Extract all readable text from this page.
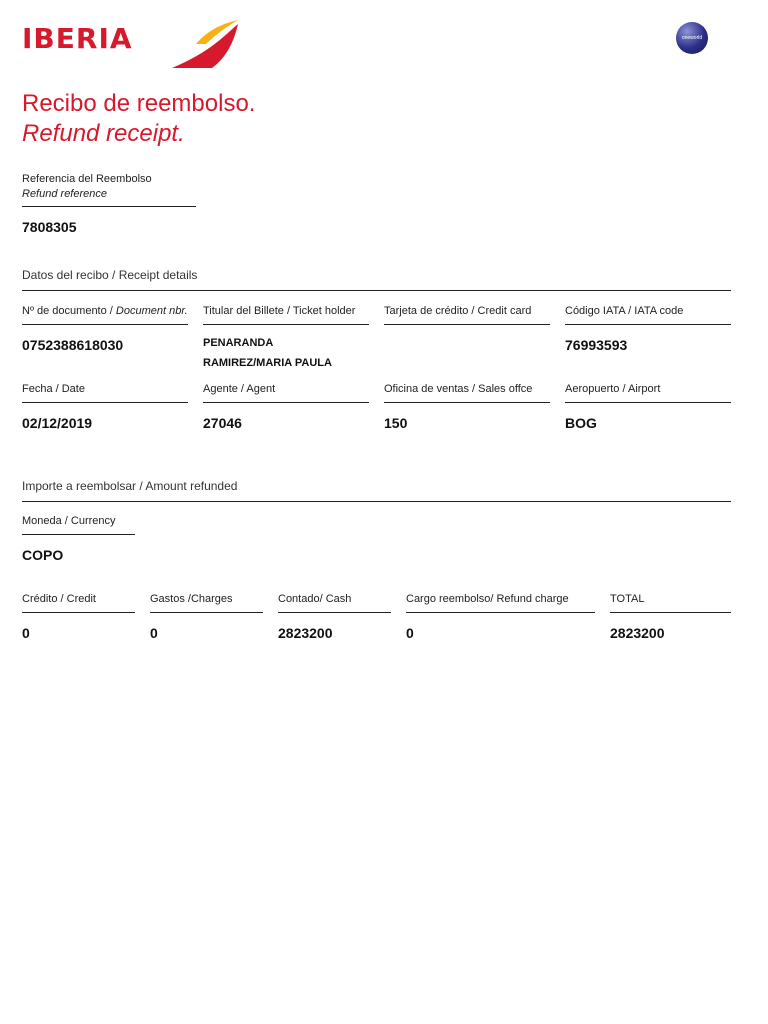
IBERIA	oneworld
Recibo de reembolso.
Refund receipt.
Referencia del Reembolso
Refund reference
7808305
Datos del recibo / Receipt details
Nº de documento / Document nbr.
0752388618030
Titular del Billete / Ticket holder
PENARANDA
RAMIREZ/MARIA PAULA
Tarjeta de crédito / Credit card	Código IATA / IATA code
76993593
Fecha / Date
02/12/2019
Agente / Agent
27046
Oficina de ventas / Sales offce
150
Aeropuerto / Airport
BOG
Importe a reembolsar / Amount refunded
Moneda / Currency
COPO
Crédito / Credit
0
Gastos /Charges
0
Contado/ Cash
2823200
Cargo reembolso/ Refund charge
0
TOTAL
2823200
